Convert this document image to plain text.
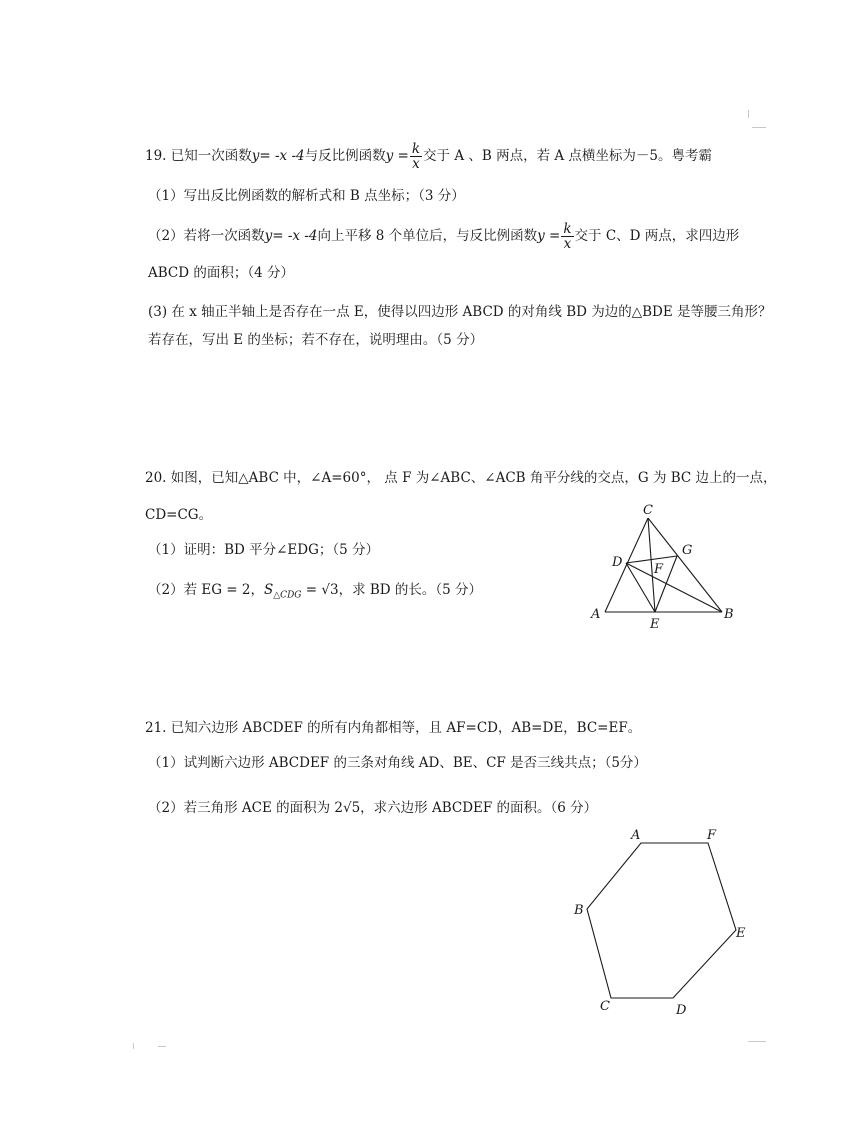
19. 已知一次函数y= -x -4与反比例函数$y = \frac{k}{x}$ 交于 A 、B 两点，若 A 点横坐标为－5。粤考霸
（1）写出反比例函数的解析式和 B 点坐标；（3 分）
（2）若将一次函数y= -x -4向上平移 8 个单位后，与反比例函数$y = \frac{k}{x}$ 交于 C、D 两点，求四边形
ABCD 的面积；（4 分）
(3) 在 x 轴正半轴上是否存在一点 E，使得以四边形 ABCD 的对角线 BD 为边的△BDE 是等腰三角形？
若存在，写出 E 的坐标；若不存在，说明理由。（5 分）
20. 如图，已知△ABC 中，∠A=60°， 点 F 为∠ABC、∠ACB 角平分线的交点，G 为 BC 边上的一点，
CD=CG。
（1）证明：BD 平分∠EDG；（5 分）
（2）若 EG = 2，$S_{\triangle CDG} = √3$，求 BD 的长。（5 分）
C
D
G
F
A
E
B
21. 已知六边形 ABCDEF 的所有内角都相等，且 AF=CD，AB=DE，BC=EF。
（1）试判断六边形 ABCDEF 的三条对角线 AD、BE、CF 是否三线共点；（5分）
（2）若三角形 ACE 的面积为 2√5，求六边形 ABCDEF 的面积。（6 分）
A	F
B
E
C	D
